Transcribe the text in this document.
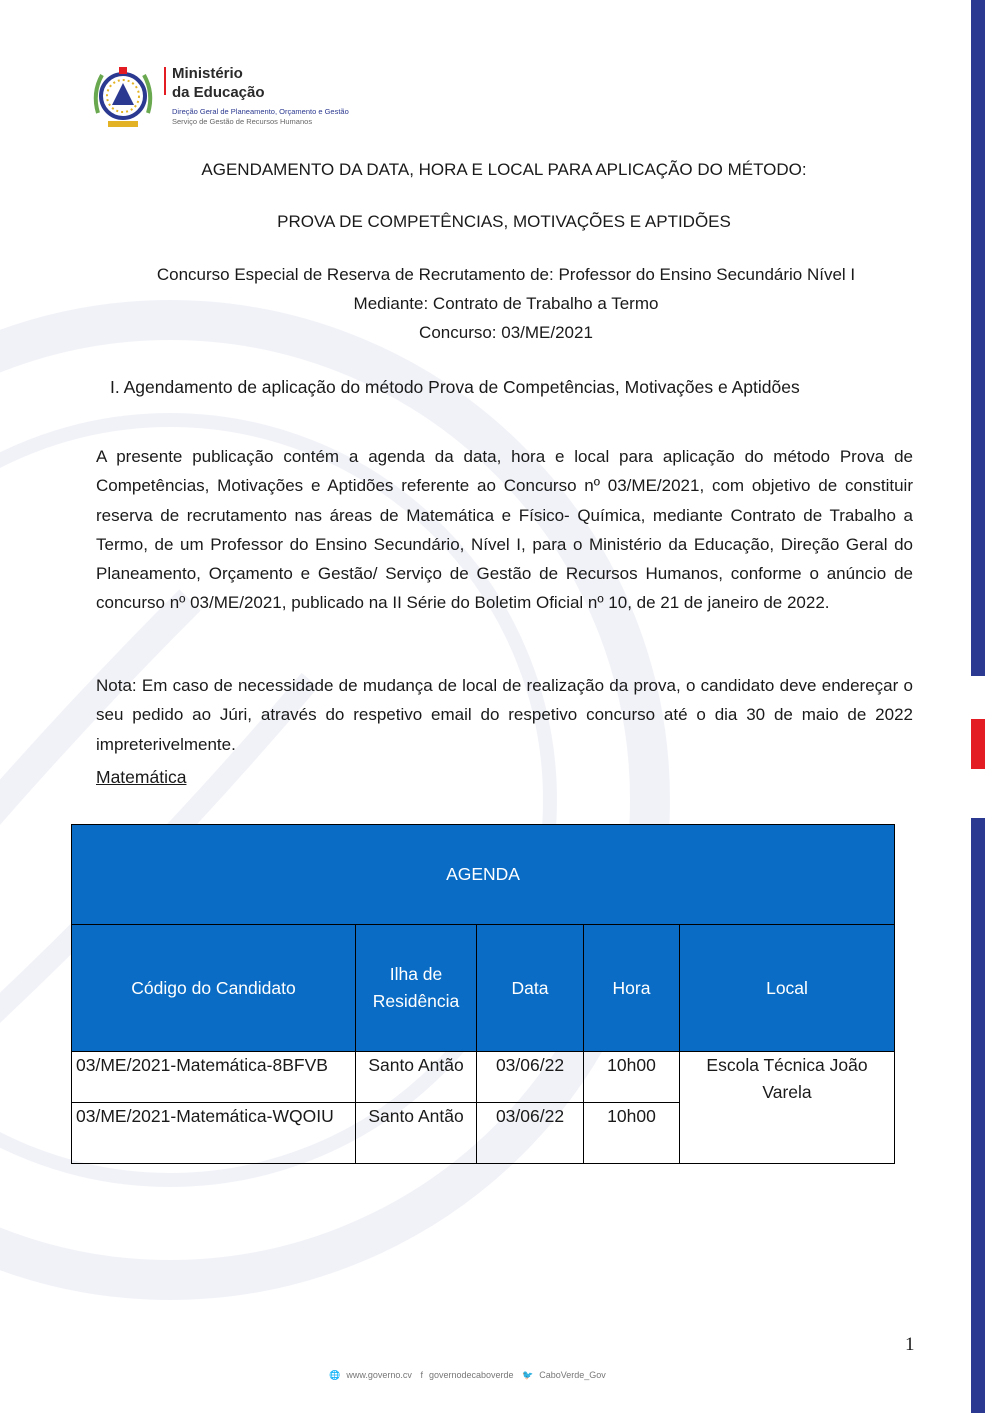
Ministério
da Educação
Direção Geral de Planeamento, Orçamento e Gestão
Serviço de Gestão de Recursos Humanos
AGENDAMENTO DA DATA, HORA E LOCAL PARA APLICAÇÃO DO MÉTODO:
PROVA DE COMPETÊNCIAS, MOTIVAÇÕES E APTIDÕES
Concurso Especial de Reserva de Recrutamento de: Professor do Ensino Secundário Nível I
Mediante: Contrato de Trabalho a Termo
Concurso: 03/ME/2021
I. Agendamento de aplicação do método Prova de Competências, Motivações e Aptidões

A presente publicação contém a agenda da data, hora e local para aplicação do método Prova de Competências, Motivações e Aptidões referente ao Concurso nº 03/ME/2021, com objetivo de constituir reserva de recrutamento nas áreas de Matemática e Físico- Química, mediante Contrato de Trabalho a Termo, de um Professor do Ensino Secundário, Nível I, para o Ministério da Educação, Direção Geral do Planeamento, Orçamento e Gestão/ Serviço de Gestão de Recursos Humanos, conforme o anúncio de concurso nº 03/ME/2021, publicado na II Série do Boletim Oficial nº 10, de 21 de janeiro de 2022.

Nota: Em caso de necessidade de mudança de local de realização da prova, o candidato deve endereçar o seu pedido ao Júri, através do respetivo email do respetivo concurso até o dia 30 de maio de 2022 impreterivelmente.

Matemática
AGENDA				
Código do Candidato	Ilha de Residência	Data	Hora	Local
03/ME/2021-Matemática-8BFVB	Santo Antão	03/06/22	10h00	Escola Técnica João Varela
03/ME/2021-Matemática-WQOIU	Santo Antão	03/06/22	10h00	
1
🌐 www.governo.cv f governodecaboverde 🐦 CaboVerde_Gov
